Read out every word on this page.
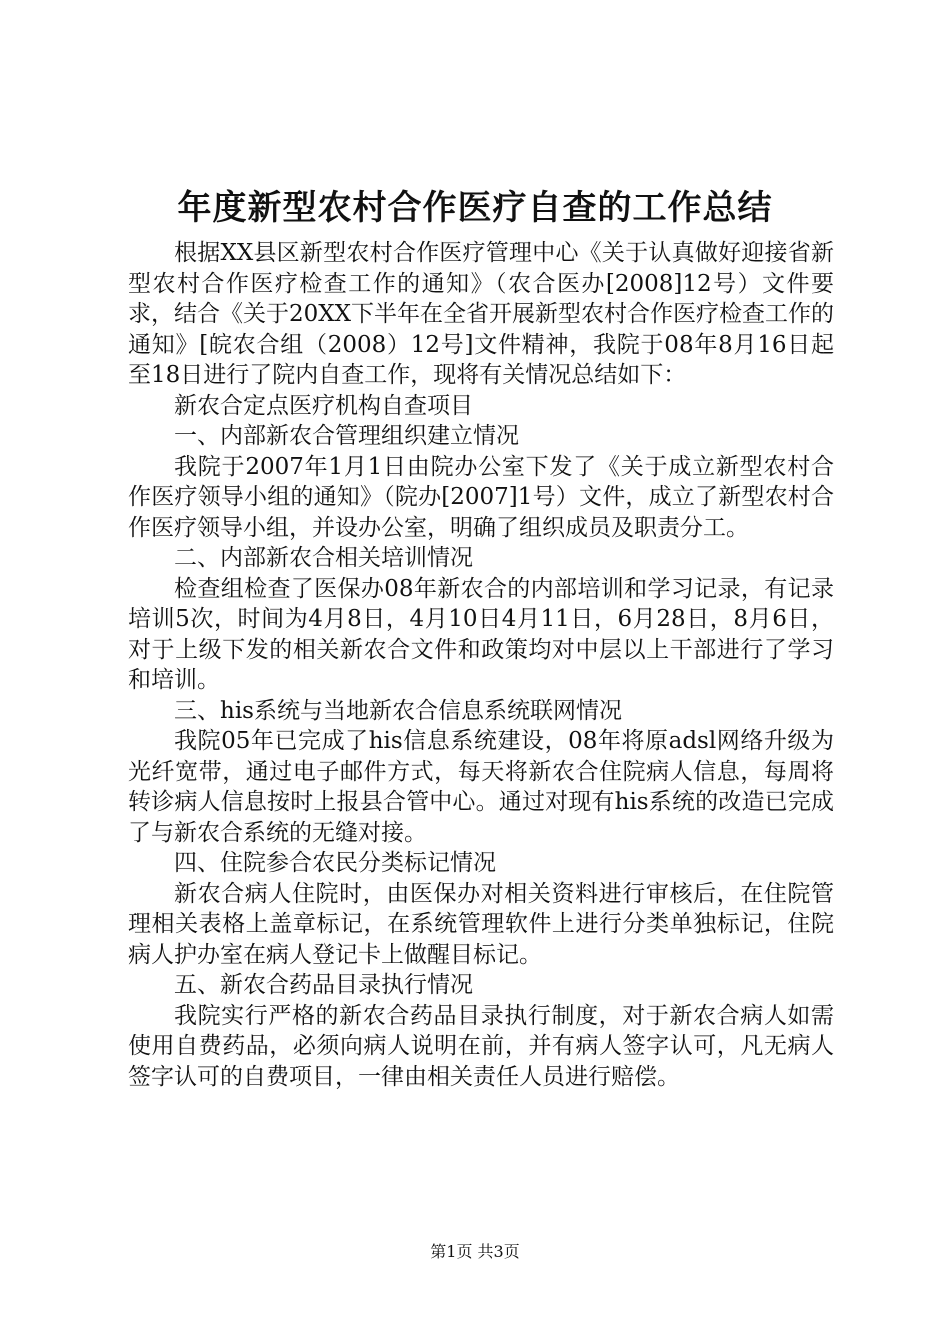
年度新型农村合作医疗自查的工作总结

根据XX县区新型农村合作医疗管理中心《关于认真做好迎接省新型农村合作医疗检查工作的通知》（农合医办[2008]12号）文件要求，结合《关于20XX下半年在全省开展新型农村合作医疗检查工作的通知》[皖农合组（2008）12号]文件精神，我院于08年8月16日起至18日进行了院内自查工作，现将有关情况总结如下：

新农合定点医疗机构自查项目

一、内部新农合管理组织建立情况

我院于2007年1月1日由院办公室下发了《关于成立新型农村合作医疗领导小组的通知》（院办[2007]1号）文件，成立了新型农村合作医疗领导小组，并设办公室，明确了组织成员及职责分工。

二、内部新农合相关培训情况

检查组检查了医保办08年新农合的内部培训和学习记录，有记录培训5次，时间为4月8日，4月10日4月11日，6月28日，8月6日，对于上级下发的相关新农合文件和政策均对中层以上干部进行了学习和培训。

三、his系统与当地新农合信息系统联网情况

我院05年已完成了his信息系统建设，08年将原adsl网络升级为光纤宽带，通过电子邮件方式，每天将新农合住院病人信息，每周将转诊病人信息按时上报县合管中心。通过对现有his系统的改造已完成了与新农合系统的无缝对接。

四、住院参合农民分类标记情况

新农合病人住院时，由医保办对相关资料进行审核后，在住院管理相关表格上盖章标记，在系统管理软件上进行分类单独标记，住院病人护办室在病人登记卡上做醒目标记。

五、新农合药品目录执行情况

我院实行严格的新农合药品目录执行制度，对于新农合病人如需使用自费药品，必须向病人说明在前，并有病人签字认可，凡无病人签字认可的自费项目，一律由相关责任人员进行赔偿。

第1页 共3页
